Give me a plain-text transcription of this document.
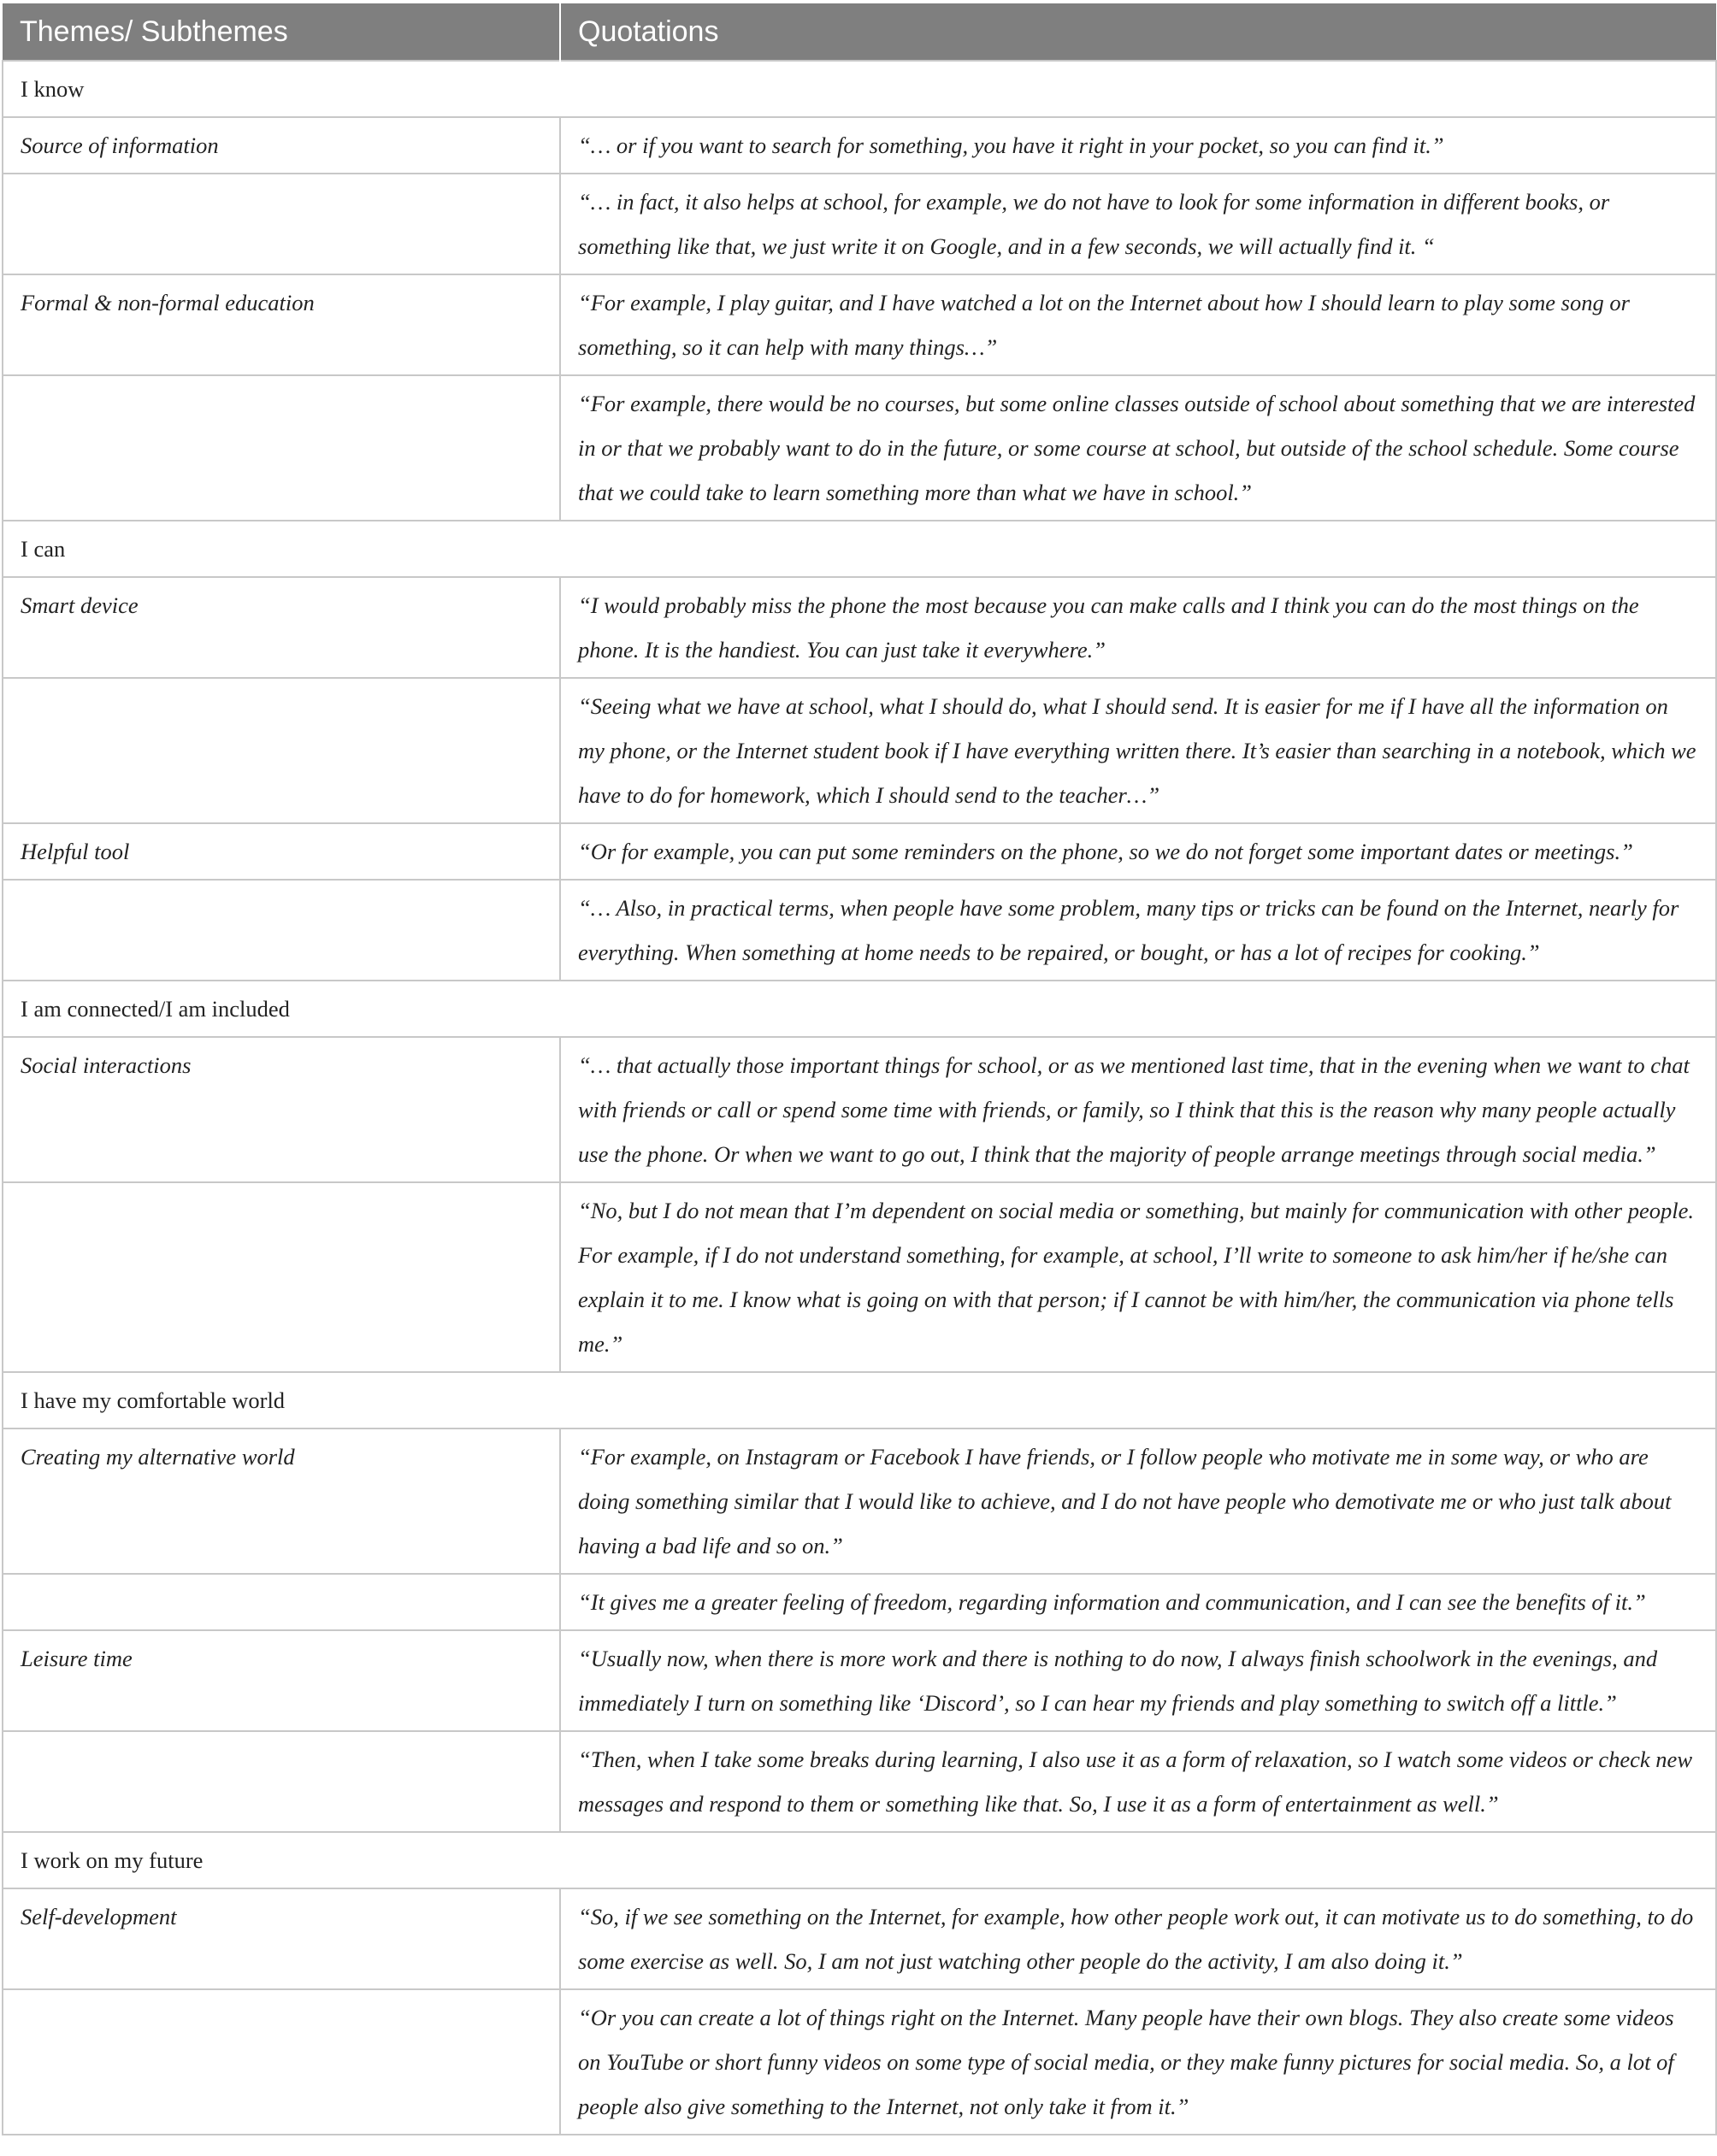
Themes/ Subthemes	Quotations
I know	
Source of information	“… or if you want to search for something, you have it right in your pocket, so you can find it.”
	“… in fact, it also helps at school, for example, we do not have to look for some information in different books, or something like that, we just write it on Google, and in a few seconds, we will actually find it. “
Formal & non-formal education	“For example, I play guitar, and I have watched a lot on the Internet about how I should learn to play some song or something, so it can help with many things…”
	“For example, there would be no courses, but some online classes outside of school about something that we are interested in or that we probably want to do in the future, or some course at school, but outside of the school schedule. Some course that we could take to learn something more than what we have in school.”
I can	
Smart device	“I would probably miss the phone the most because you can make calls and I think you can do the most things on the phone. It is the handiest. You can just take it everywhere.”
	“Seeing what we have at school, what I should do, what I should send. It is easier for me if I have all the information on my phone, or the Internet student book if I have everything written there. It’s easier than searching in a notebook, which we have to do for homework, which I should send to the teacher…”
Helpful tool	“Or for example, you can put some reminders on the phone, so we do not forget some important dates or meetings.”
	“… Also, in practical terms, when people have some problem, many tips or tricks can be found on the Internet, nearly for everything. When something at home needs to be repaired, or bought, or has a lot of recipes for cooking.”
I am connected/I am included	
Social interactions	“… that actually those important things for school, or as we mentioned last time, that in the evening when we want to chat with friends or call or spend some time with friends, or family, so I think that this is the reason why many people actually use the phone. Or when we want to go out, I think that the majority of people arrange meetings through social media.”
	“No, but I do not mean that I’m dependent on social media or something, but mainly for communication with other people. For example, if I do not understand something, for example, at school, I’ll write to someone to ask him/her if he/she can explain it to me. I know what is going on with that person; if I cannot be with him/her, the communication via phone tells me.”
I have my comfortable world	
Creating my alternative world	“For example, on Instagram or Facebook I have friends, or I follow people who motivate me in some way, or who are doing something similar that I would like to achieve, and I do not have people who demotivate me or who just talk about having a bad life and so on.”
	“It gives me a greater feeling of freedom, regarding information and communication, and I can see the benefits of it.”
Leisure time	“Usually now, when there is more work and there is nothing to do now, I always finish schoolwork in the evenings, and immediately I turn on something like ‘Discord’, so I can hear my friends and play something to switch off a little.”
	“Then, when I take some breaks during learning, I also use it as a form of relaxation, so I watch some videos or check new messages and respond to them or something like that. So, I use it as a form of entertainment as well.”
I work on my future	
Self-development	“So, if we see something on the Internet, for example, how other people work out, it can motivate us to do something, to do some exercise as well. So, I am not just watching other people do the activity, I am also doing it.”
	“Or you can create a lot of things right on the Internet. Many people have their own blogs. They also create some videos on YouTube or short funny videos on some type of social media, or they make funny pictures for social media. So, a lot of people also give something to the Internet, not only take it from it.”
